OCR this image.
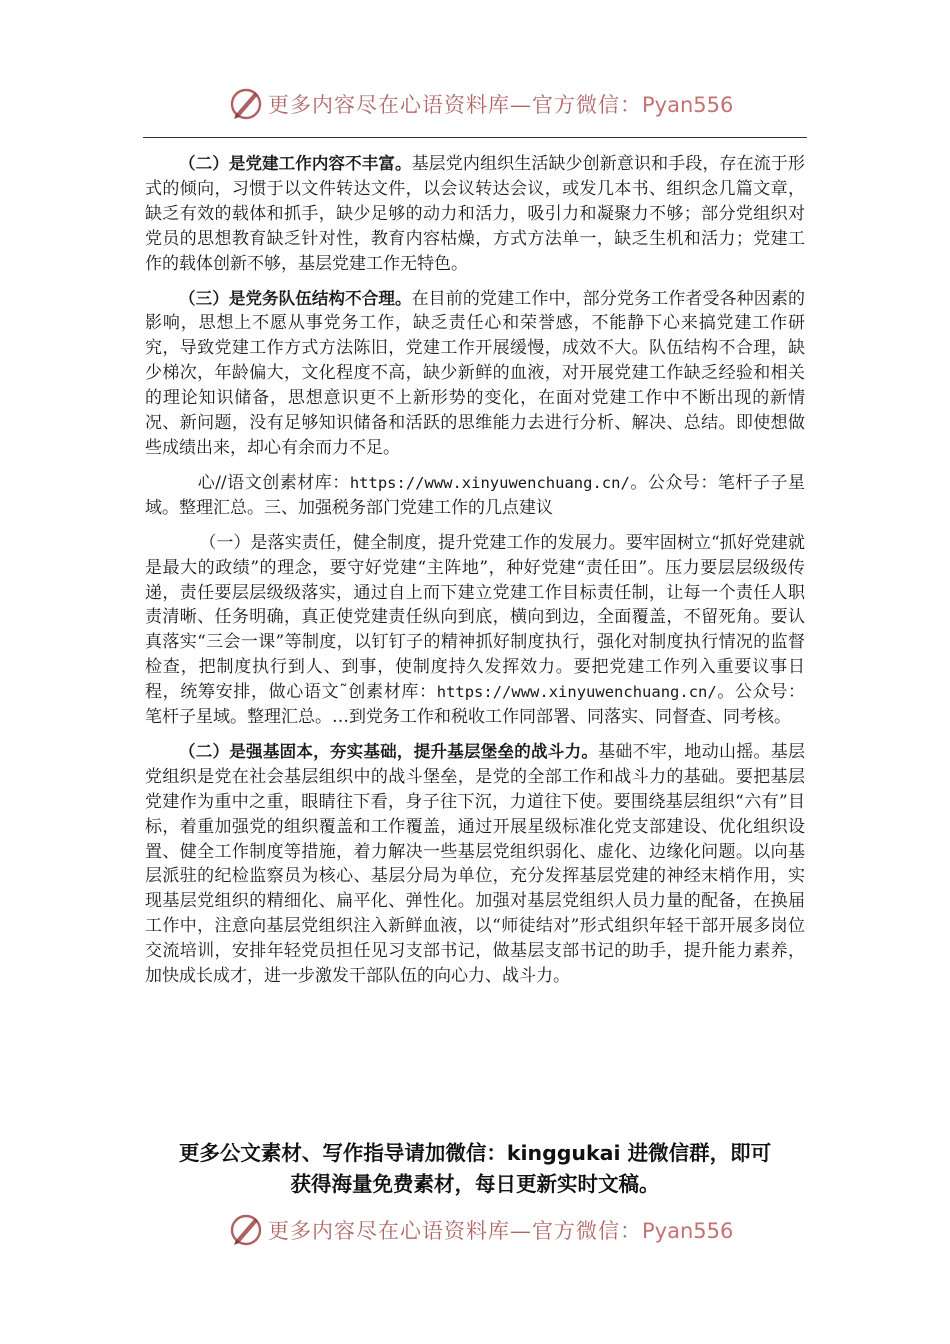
更多内容尽在心语资料库—官方微信：Pyan556

（二）是党建工作内容不丰富。基层党内组织生活缺少创新意识和手段，存在流于形式的倾向，习惯于以文件转达文件，以会议转达会议，或发几本书、组织念几篇文章，缺乏有效的载体和抓手，缺少足够的动力和活力，吸引力和凝聚力不够；部分党组织对党员的思想教育缺乏针对性，教育内容枯燥，方式方法单一，缺乏生机和活力；党建工作的载体创新不够，基层党建工作无特色。

（三）是党务队伍结构不合理。在目前的党建工作中，部分党务工作者受各种因素的影响，思想上不愿从事党务工作，缺乏责任心和荣誉感，不能静下心来搞党建工作研究，导致党建工作方式方法陈旧，党建工作开展缓慢，成效不大。队伍结构不合理，缺少梯次，年龄偏大，文化程度不高，缺少新鲜的血液，对开展党建工作缺乏经验和相关的理论知识储备，思想意识更不上新形势的变化，在面对党建工作中不断出现的新情况、新问题，没有足够知识储备和活跃的思维能力去进行分析、解决、总结。即使想做些成绩出来，却心有余而力不足。

心//语文创素材库：https://www.xinyuwenchuang.cn/。公众号：笔杆子子星域。整理汇总。三、加强税务部门党建工作的几点建议

（一）是落实责任，健全制度，提升党建工作的发展力。要牢固树立“抓好党建就是最大的政绩”的理念，要守好党建“主阵地”，种好党建“责任田”。压力要层层级级传递，责任要层层级级落实，通过自上而下建立党建工作目标责任制，让每一个责任人职责清晰、任务明确，真正使党建责任纵向到底，横向到边，全面覆盖，不留死角。要认真落实“三会一课”等制度，以钉钉子的精神抓好制度执行，强化对制度执行情况的监督检查，把制度执行到人、到事，使制度持久发挥效力。要把党建工作列入重要议事日程，统筹安排，做心语文˜创素材库：https://www.xinyuwenchuang.cn/。公众号：笔杆子星域。整理汇总。…到党务工作和税收工作同部署、同落实、同督查、同考核。

（二）是强基固本，夯实基础，提升基层堡垒的战斗力。基础不牢，地动山摇。基层党组织是党在社会基层组织中的战斗堡垒，是党的全部工作和战斗力的基础。要把基层党建作为重中之重，眼睛往下看，身子往下沉，力道往下使。要围绕基层组织“六有”目标，着重加强党的组织覆盖和工作覆盖，通过开展星级标准化党支部建设、优化组织设置、健全工作制度等措施，着力解决一些基层党组织弱化、虚化、边缘化问题。以向基层派驻的纪检监察员为核心、基层分局为单位，充分发挥基层党建的神经末梢作用，实现基层党组织的精细化、扁平化、弹性化。加强对基层党组织人员力量的配备，在换届工作中，注意向基层党组织注入新鲜血液，以“师徒结对”形式组织年轻干部开展多岗位交流培训，安排年轻党员担任见习支部书记，做基层支部书记的助手，提升能力素养，加快成长成才，进一步激发干部队伍的向心力、战斗力。

更多公文素材、写作指导请加微信：kinggukai 进微信群，即可
获得海量免费素材，每日更新实时文稿。
更多内容尽在心语资料库—官方微信：Pyan556
